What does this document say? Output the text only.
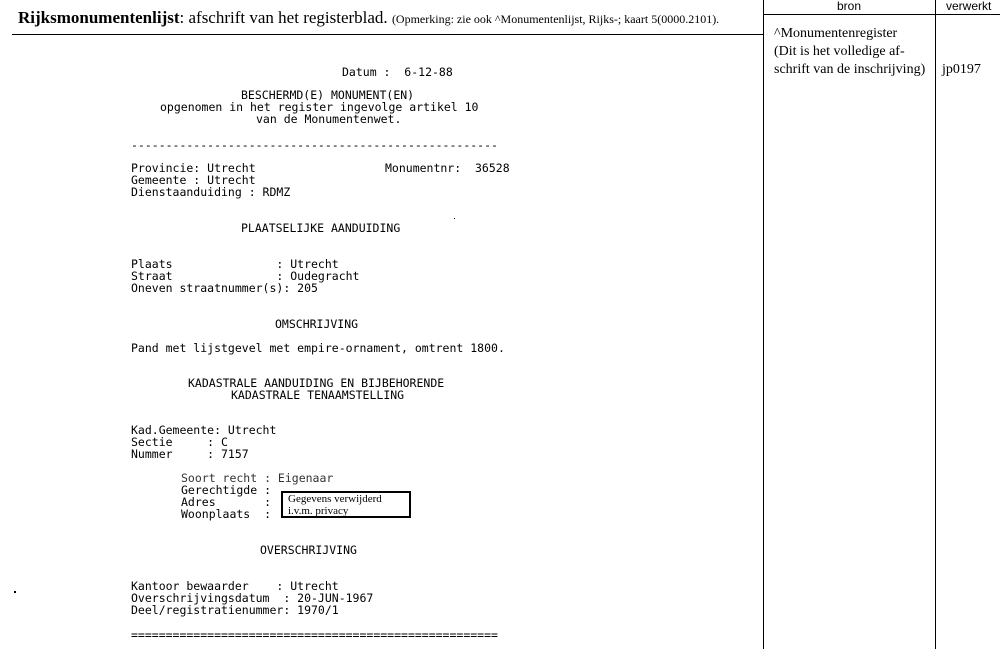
Rijksmonumentenlijst: afschrift van het registerblad. (Opmerking: zie ook ^Monumentenlijst, Rijks-; kaart 5(0000.2101).
bron	verwerkt
^Monumentenregister
(Dit is het volledige af-
schrift van de inschrijving) jp0197
Datum :  6-12-88
BESCHERMD(E) MONUMENT(EN)
opgenomen in het register ingevolge artikel 10
van de Monumentenwet.
-----------------------------------------------------
Provincie: Utrecht	Monumentnr:  36528
Gemeente : Utrecht
Dienstaanduiding : RDMZ
PLAATSELIJKE AANDUIDING
Plaats               : Utrecht
Straat               : Oudegracht
Oneven straatnummer(s): 205
OMSCHRIJVING
Pand met lijstgevel met empire-ornament, omtrent 1800.
KADASTRALE AANDUIDING EN BIJBEHORENDE
KADASTRALE TENAAMSTELLING
Kad.Gemeente: Utrecht
Sectie     : C
Nummer     : 7157
Soort recht : Eigenaar
Gerechtigde :
Adres       :
Woonplaats  :
Gegevens verwijderd i.v.m. privacy
OVERSCHRIJVING
Kantoor bewaarder    : Utrecht
Overschrijvingsdatum  : 20-JUN-1967
Deel/registratienummer: 1970/1
=====================================================
